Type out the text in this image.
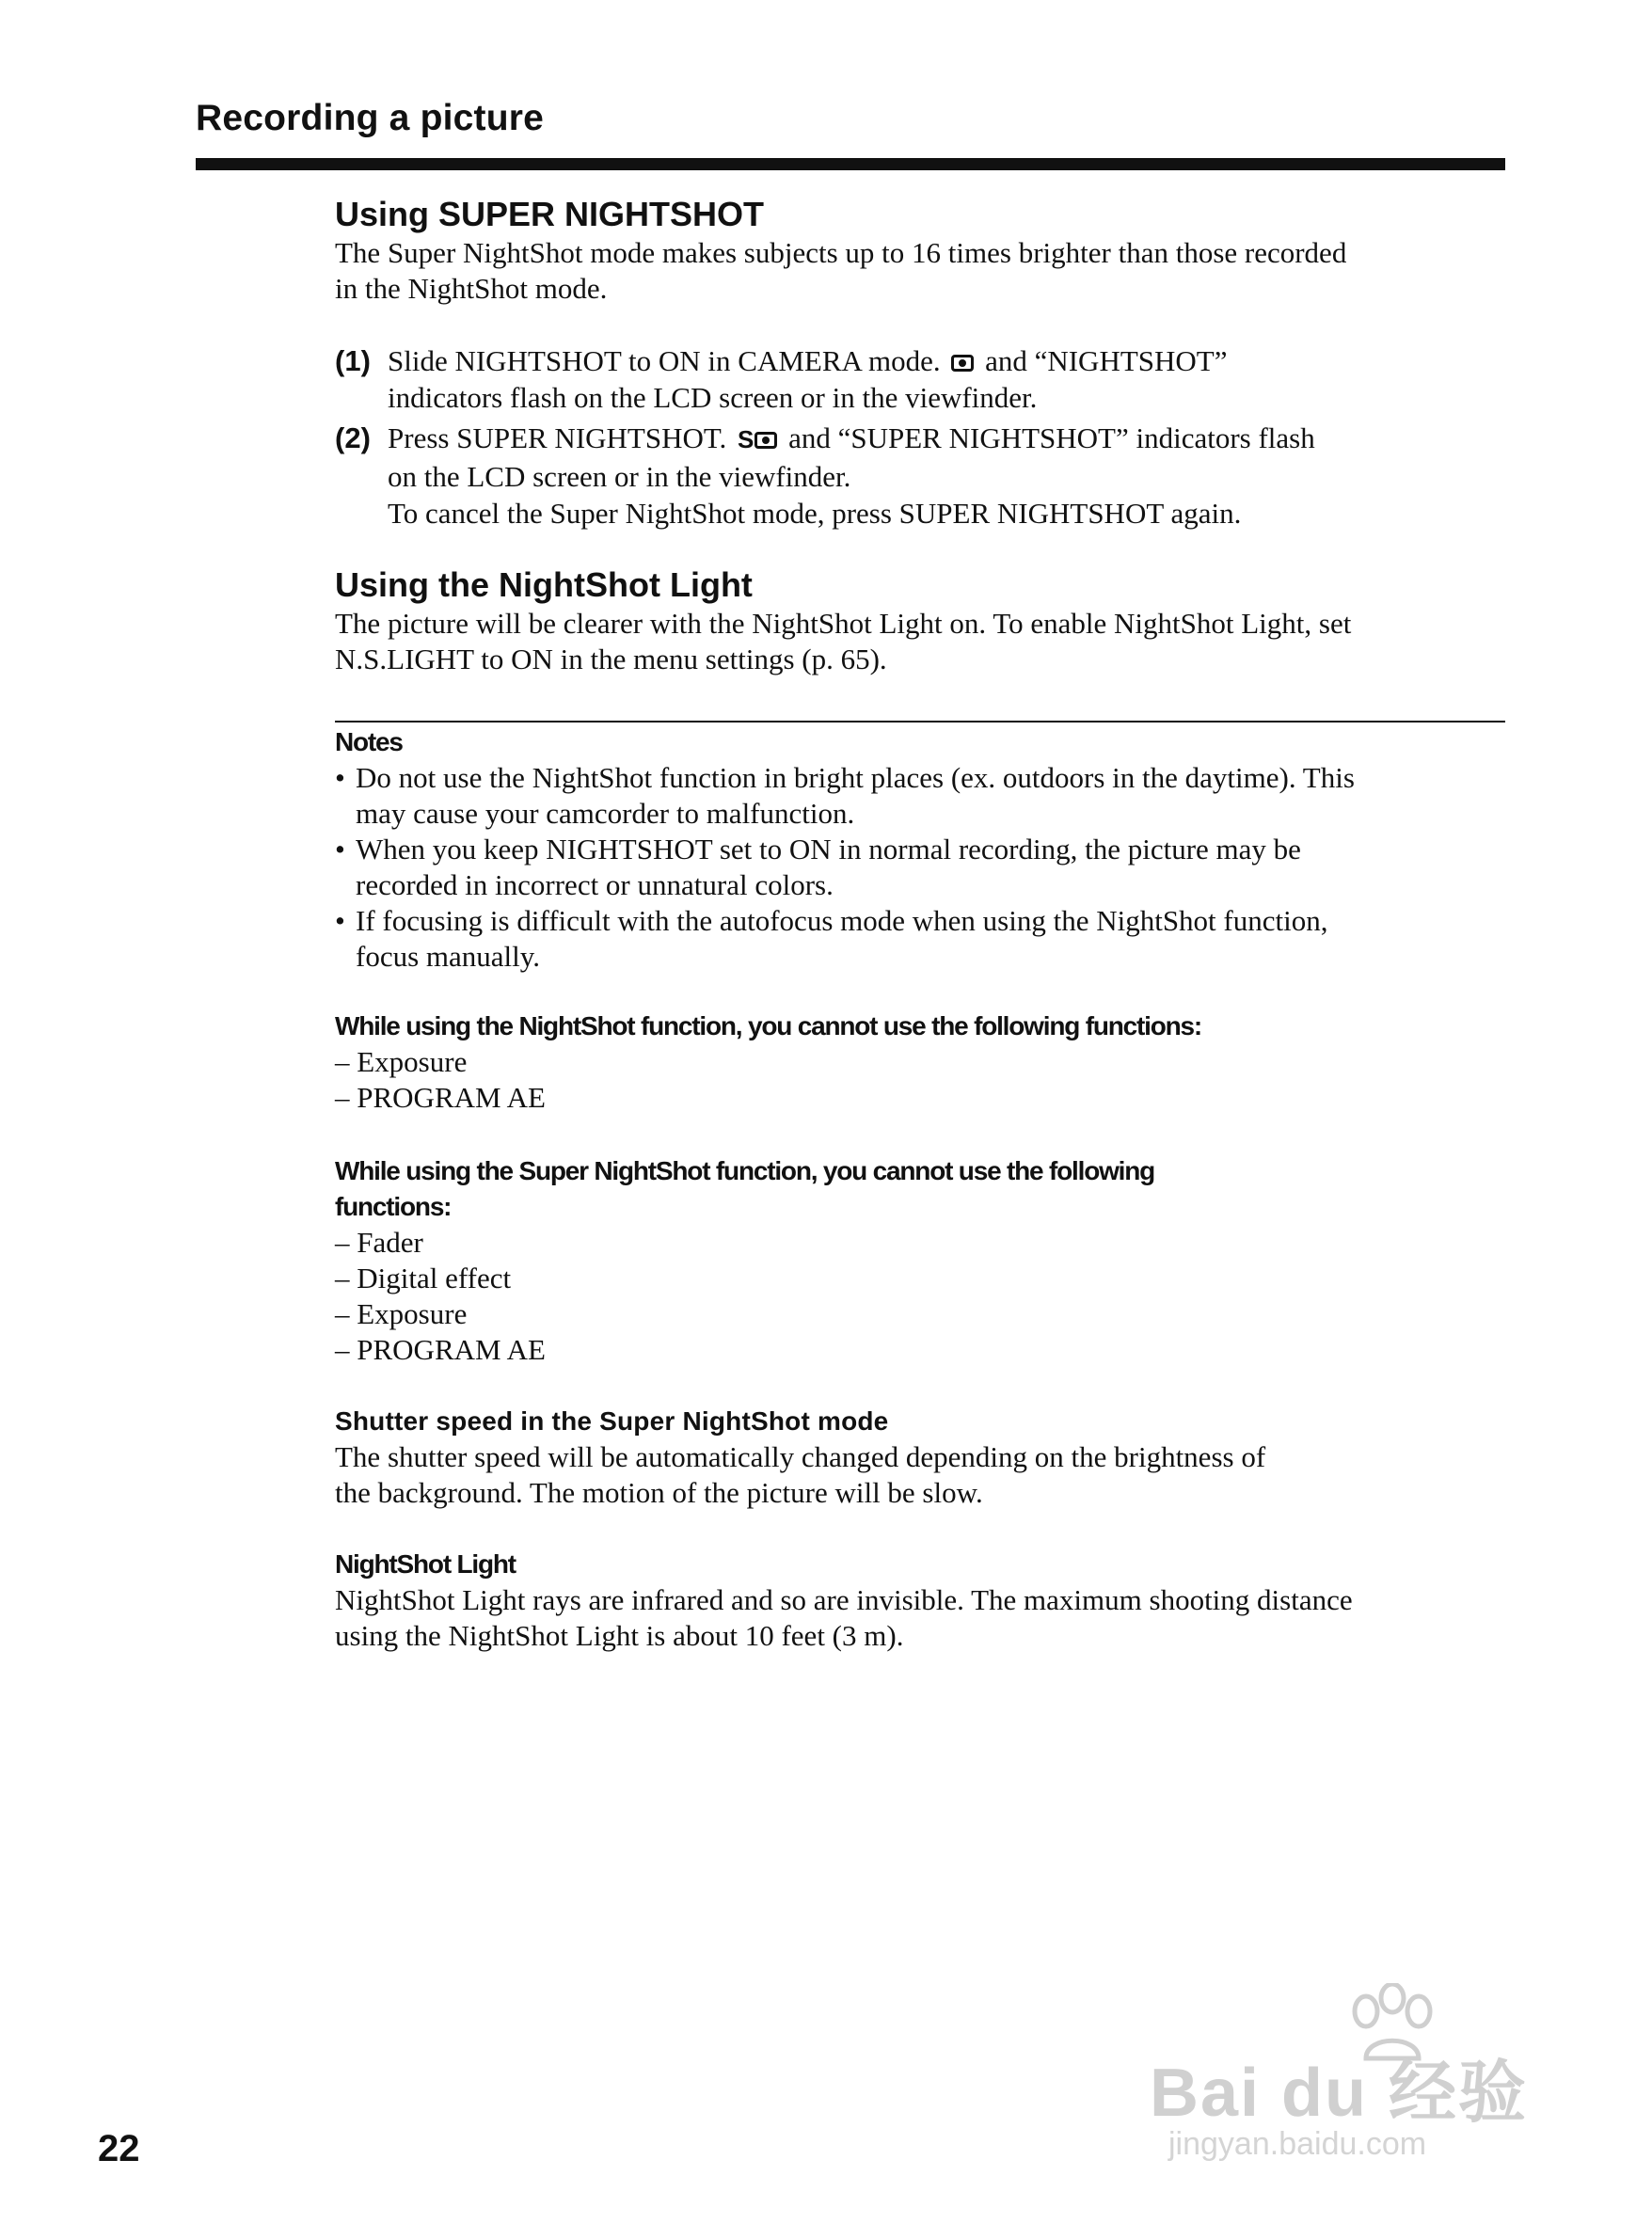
Recording a picture
Using SUPER NIGHTSHOT

The Super NightShot mode makes subjects up to 16 times brighter than those recorded

in the NightShot mode.

(1) Slide NIGHTSHOT to ON in CAMERA mode. and “NIGHTSHOT”
indicators flash on the LCD screen or in the viewfinder.
(2) Press SUPER NIGHTSHOT. S and “SUPER NIGHTSHOT” indicators flash
on the LCD screen or in the viewfinder.
To cancel the Super NightShot mode, press SUPER NIGHTSHOT again.
Using the NightShot Light

The picture will be clearer with the NightShot Light on. To enable NightShot Light, set

N.S.LIGHT to ON in the menu settings (p. 65).

Notes
• Do not use the NightShot function in bright places (ex. outdoors in the daytime). This
may cause your camcorder to malfunction.
• When you keep NIGHTSHOT set to ON in normal recording, the picture may be
recorded in incorrect or unnatural colors.
• If focusing is difficult with the autofocus mode when using the NightShot function,
focus manually.
While using the NightShot function, you cannot use the following functions:
– Exposure
– PROGRAM AE
While using the Super NightShot function, you cannot use the following
functions:
– Fader
– Digital effect
– Exposure
– PROGRAM AE
Shutter speed in the Super NightShot mode

The shutter speed will be automatically changed depending on the brightness of

the background. The motion of the picture will be slow.

NightShot Light

NightShot Light rays are infrared and so are invisible. The maximum shooting distance

using the NightShot Light is about 10 feet (3 m).

22
Bai du 经验
jingyan.baidu.com
